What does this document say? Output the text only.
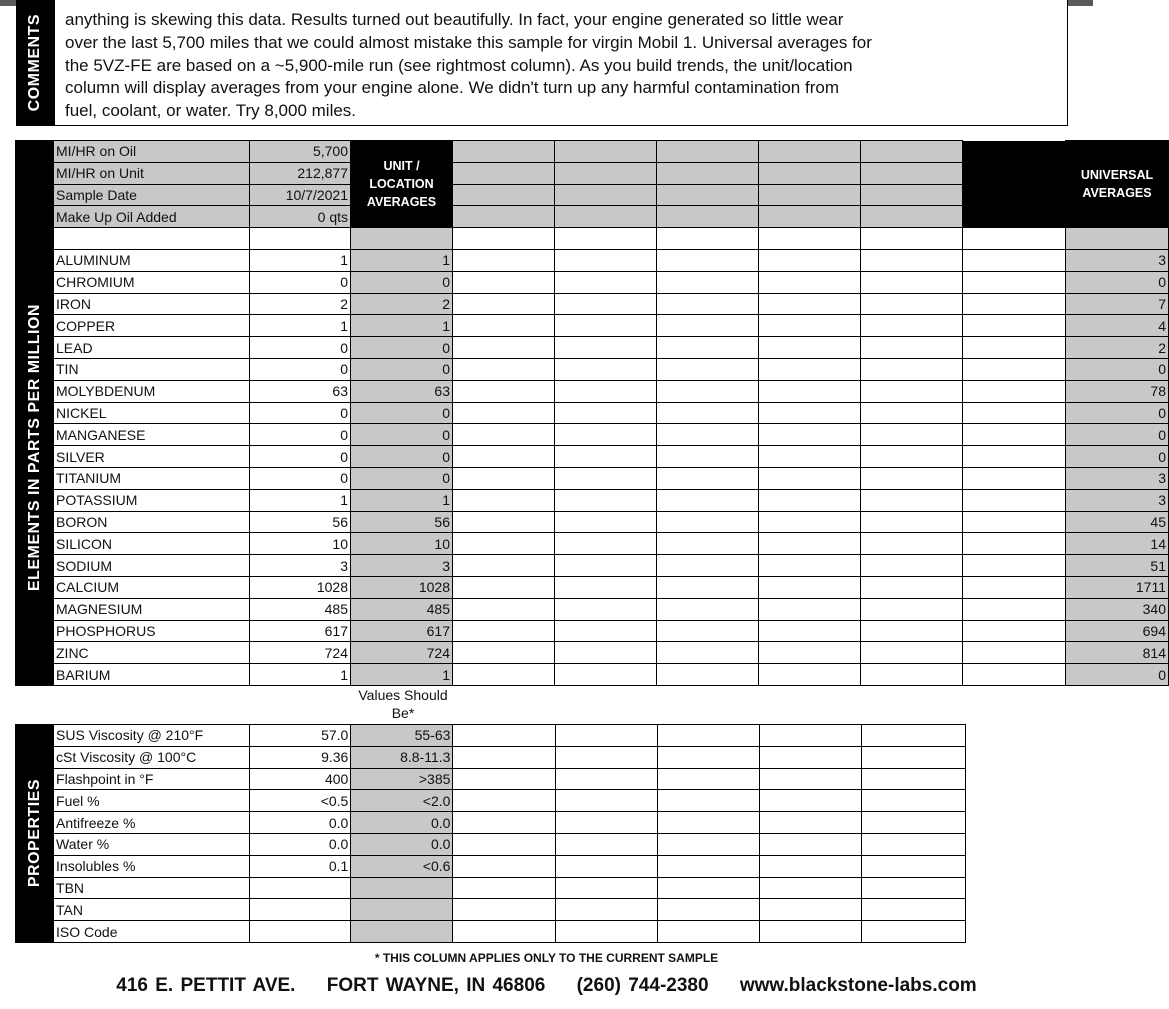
COMMENTS anything is skewing this data. Results turned out beautifully. In fact, your engine generated so little wear
over the last 5,700 miles that we could almost mistake this sample for virgin Mobil 1. Universal averages for
the 5VZ-FE are based on a ~5,900-mile run (see rightmost column). As you build trends, the unit/location
column will display averages from your engine alone. We didn't turn up any harmful contamination from
fuel, coolant, or water. Try 8,000 miles.

ELEMENTS IN PARTS PER MILLION	MI/HR on Oil	5,700	UNIT / LOCATION AVERAGES							UNIVERSAL AVERAGES
	MI/HR on Unit	212,877								
	Sample Date	10/7/2021								
	Make Up Oil Added	0 qts								

	ALUMINUM	1	1							3
	CHROMIUM	0	0							0
	IRON	2	2							7
	COPPER	1	1							4
	LEAD	0	0							2
	TIN	0	0							0
	MOLYBDENUM	63	63							78
	NICKEL	0	0							0
	MANGANESE	0	0							0
	SILVER	0	0							0
	TITANIUM	0	0							3
	POTASSIUM	1	1							3
	BORON	56	56							45
	SILICON	10	10							14
	SODIUM	3	3							51
	CALCIUM	1028	1028							1711
	MAGNESIUM	485	485							340
	PHOSPHORUS	617	617							694
	ZINC	724	724							814
	BARIUM	1	1							0
Values Should Be*
PROPERTIES	SUS Viscosity @ 210°F	57.0	55-63					
	cSt Viscosity @ 100°C	9.36	8.8-11.3					
	Flashpoint in °F	400	>385					
	Fuel %	<0.5	<2.0					
	Antifreeze %	0.0	0.0					
	Water %	0.0	0.0					
	Insolubles %	0.1	<0.6					
	TBN							
	TAN							
	ISO Code							
* THIS COLUMN APPLIES ONLY TO THE CURRENT SAMPLE
416 E. PETTIT AVE. FORT WAYNE, IN 46806 (260) 744-2380 www.blackstone-labs.com
